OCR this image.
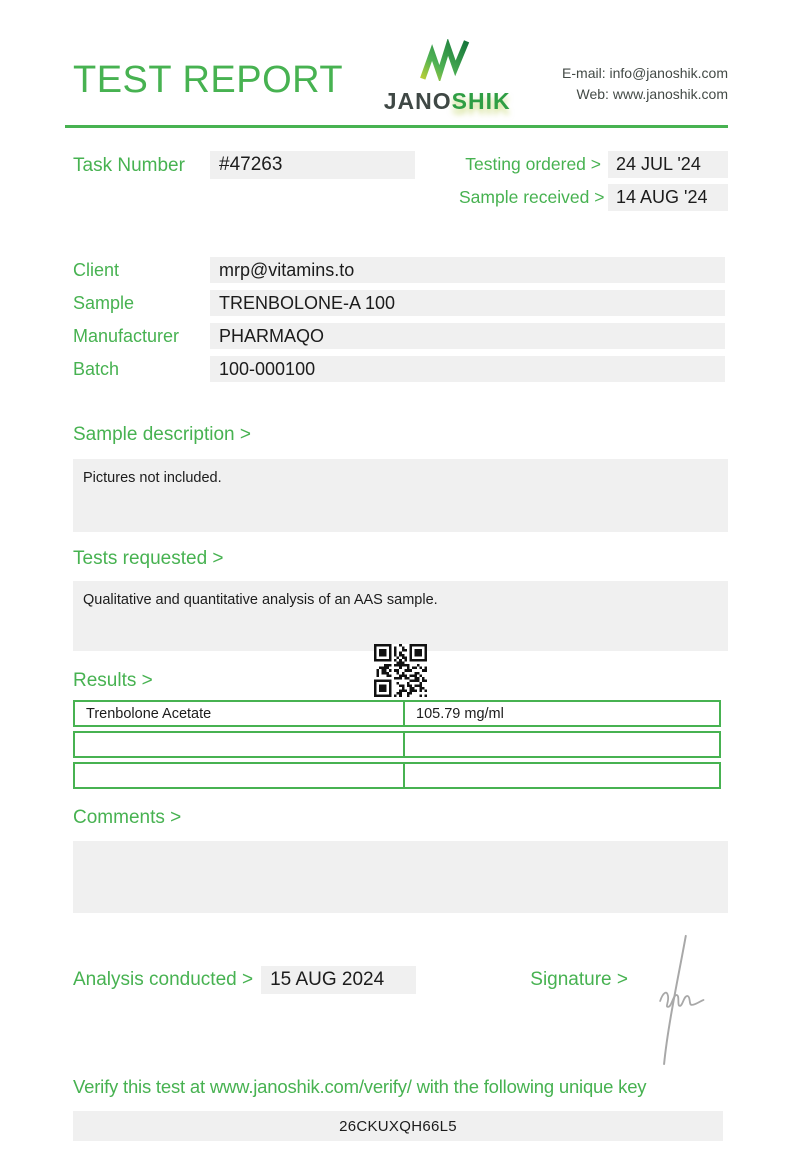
TEST REPORT JANOSHIK
E-mail: info@janoshik.com
Web: www.janoshik.com
Task Number	#47263	Testing ordered > 24 JUL '24
Sample received > 14 AUG '24
Client	mrp@vitamins.to
Sample	TRENBOLONE-A 100
Manufacturer	PHARMAQO
Batch	100-000100
Sample description >
Pictures not included.
Tests requested >
Qualitative and quantitative analysis of an AAS sample.
Results >
Trenbolone Acetate	105.79 mg/ml
Comments >
Analysis conducted > 15 AUG 2024	Signature >
Verify this test at www.janoshik.com/verify/ with the following unique key
26CKUXQH66L5
